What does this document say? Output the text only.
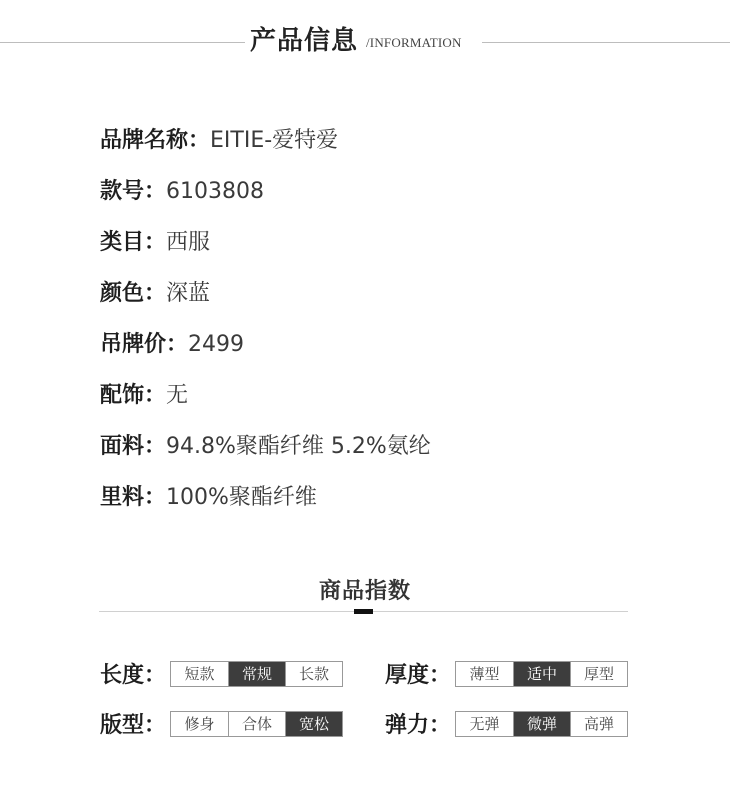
产品信息 /INFORMATION
品牌名称：EITIE-爱特爱
款号：6103808
类目：西服
颜色：深蓝
吊牌价：2499
配饰：无
面料：94.8%聚酯纤维 5.2%氨纶
里料：100%聚酯纤维
商品指数
长度：	短款	常规	长款	厚度：	薄型	适中	厚型
版型：	修身	合体	宽松	弹力：	无弹	微弹	高弹
